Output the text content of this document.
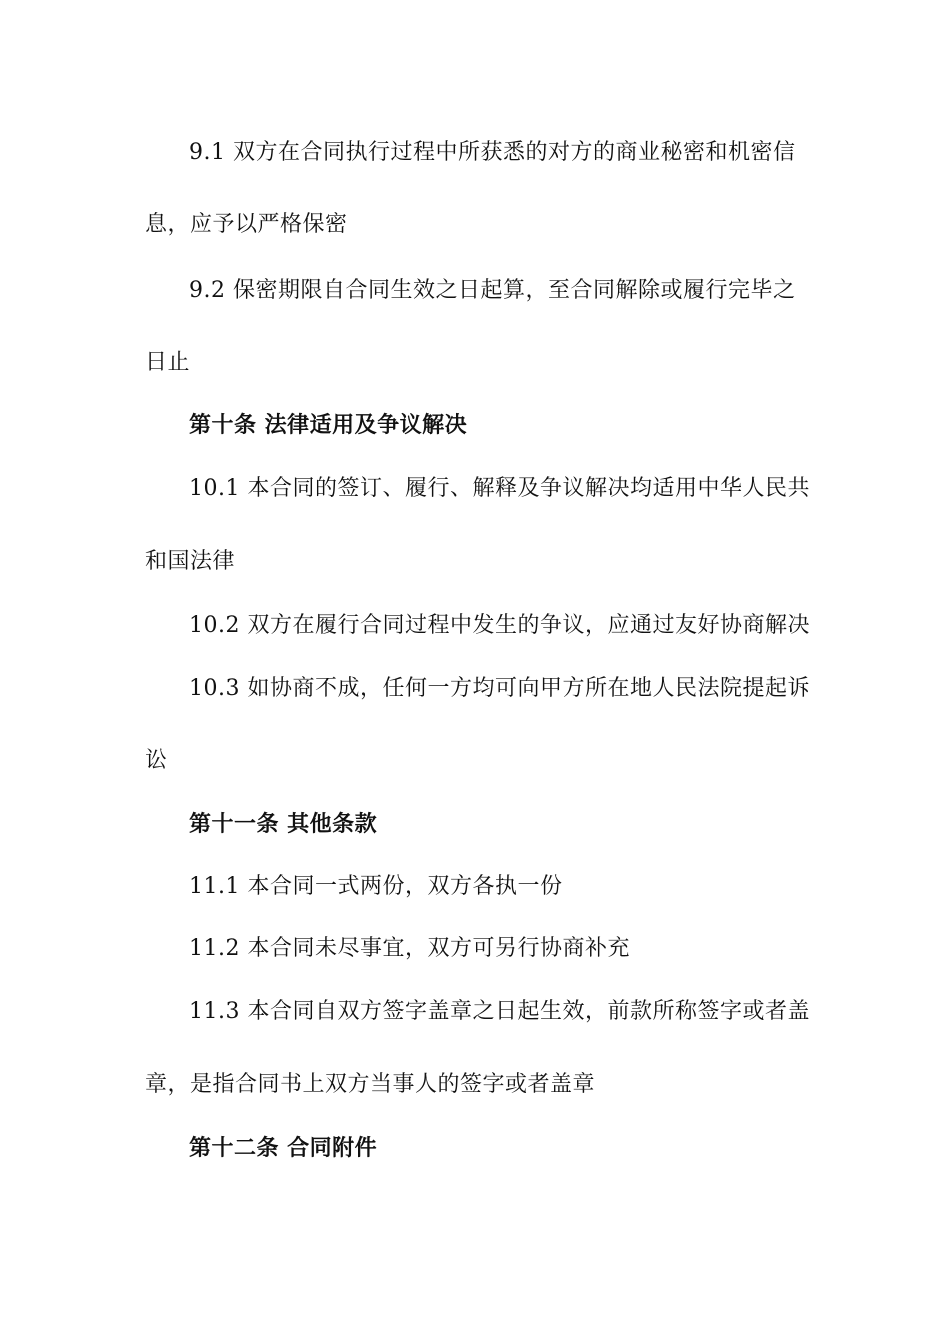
9.1 双方在合同执行过程中所获悉的对方的商业秘密和机密信
息，应予以严格保密
9.2 保密期限自合同生效之日起算，至合同解除或履行完毕之
日止
第十条 法律适用及争议解决
10.1 本合同的签订、履行、解释及争议解决均适用中华人民共
和国法律
10.2 双方在履行合同过程中发生的争议，应通过友好协商解决
10.3 如协商不成，任何一方均可向甲方所在地人民法院提起诉
讼
第十一条 其他条款
11.1 本合同一式两份，双方各执一份
11.2 本合同未尽事宜，双方可另行协商补充
11.3 本合同自双方签字盖章之日起生效，前款所称签字或者盖
章，是指合同书上双方当事人的签字或者盖章
第十二条 合同附件
